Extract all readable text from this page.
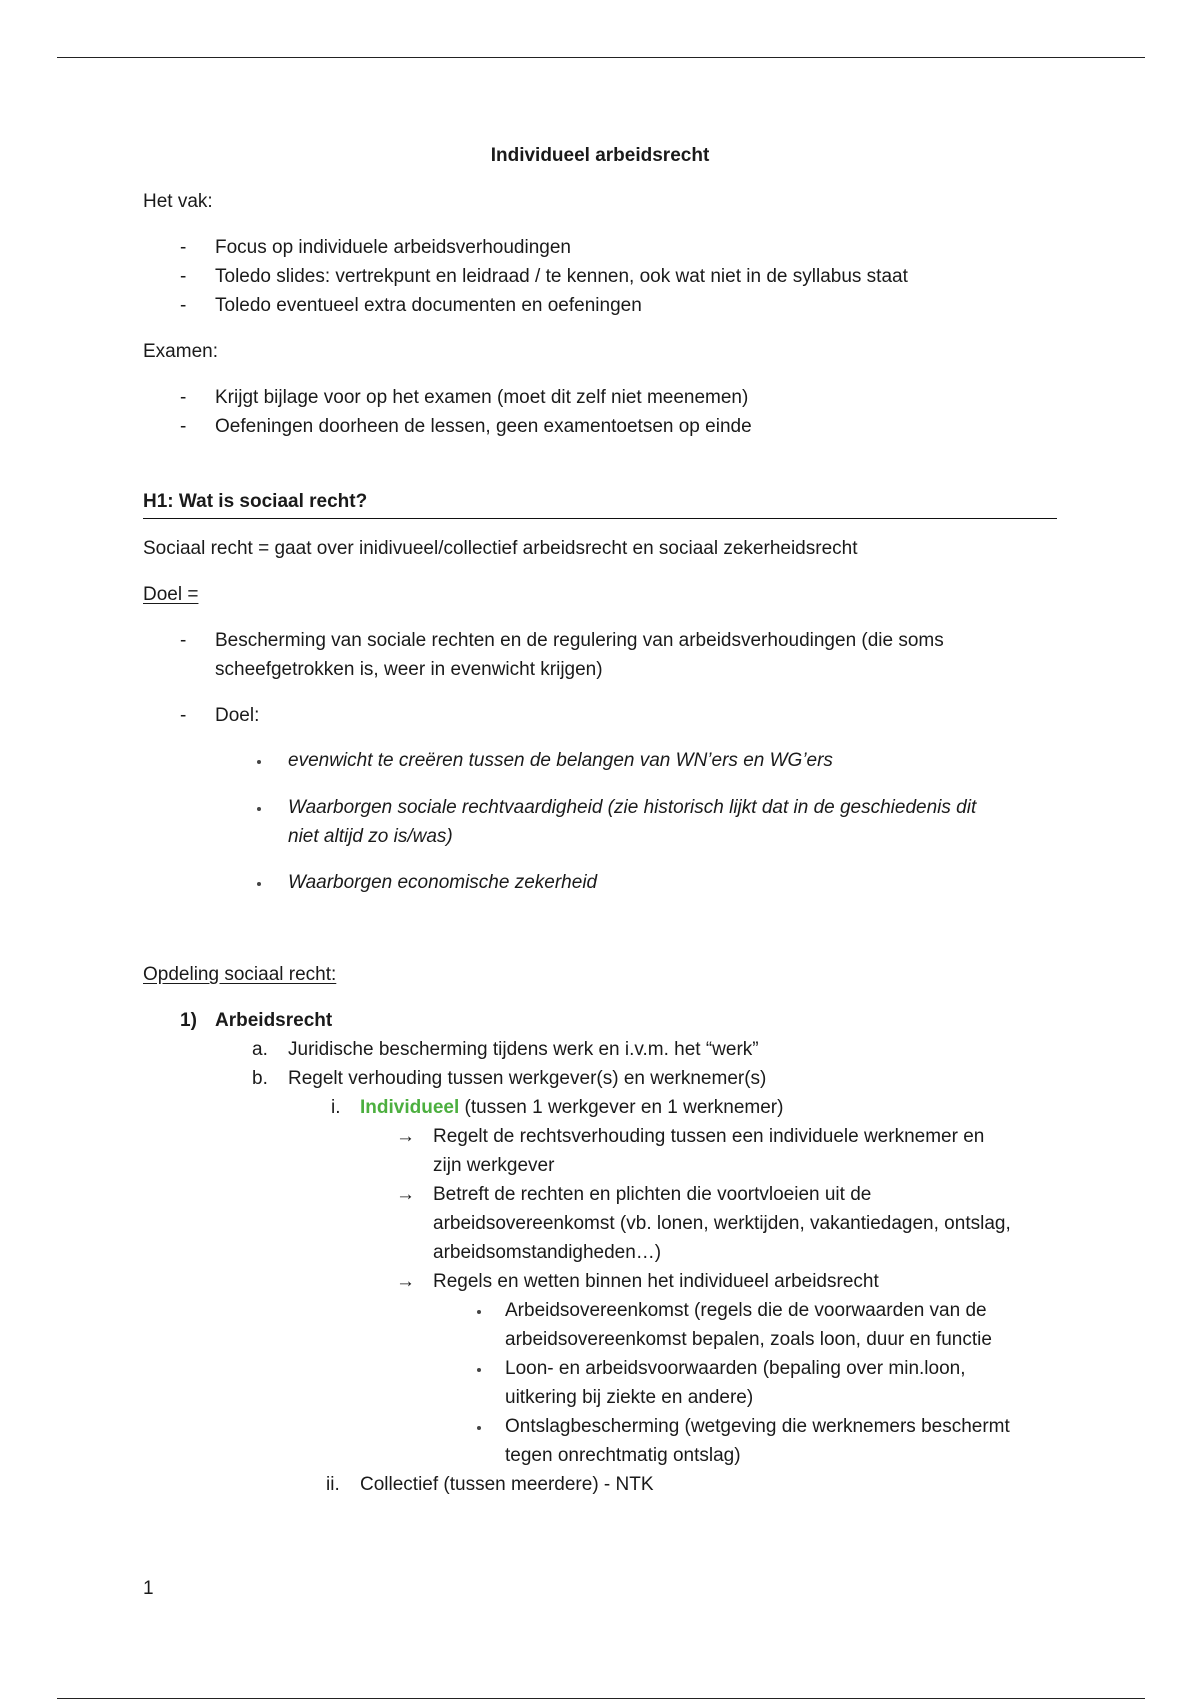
Individueel arbeidsrecht
Het vak:
- Focus op individuele arbeidsverhoudingen
- Toledo slides: vertrekpunt en leidraad / te kennen, ook wat niet in de syllabus staat
- Toledo eventueel extra documenten en oefeningen
Examen:
- Krijgt bijlage voor op het examen (moet dit zelf niet meenemen)
- Oefeningen doorheen de lessen, geen examentoetsen op einde
H1: Wat is sociaal recht?
Sociaal recht = gaat over inidivueel/collectief arbeidsrecht en sociaal zekerheidsrecht
Doel =
- Bescherming van sociale rechten en de regulering van arbeidsverhoudingen (die soms
scheefgetrokken is, weer in evenwicht krijgen)
- Doel:
evenwicht te creëren tussen de belangen van WN’ers en WG’ers
Waarborgen sociale rechtvaardigheid (zie historisch lijkt dat in de geschiedenis dit
niet altijd zo is/was)
Waarborgen economische zekerheid
Opdeling sociaal recht:
1) Arbeidsrecht
a. Juridische bescherming tijdens werk en i.v.m. het “werk”
b. Regelt verhouding tussen werkgever(s) en werknemer(s)
i. Individueel (tussen 1 werkgever en 1 werknemer)
→ Regelt de rechtsverhouding tussen een individuele werknemer en
zijn werkgever
→ Betreft de rechten en plichten die voortvloeien uit de
arbeidsovereenkomst (vb. lonen, werktijden, vakantiedagen, ontslag,
arbeidsomstandigheden…)
→ Regels en wetten binnen het individueel arbeidsrecht
Arbeidsovereenkomst (regels die de voorwaarden van de
arbeidsovereenkomst bepalen, zoals loon, duur en functie
Loon- en arbeidsvoorwaarden (bepaling over min.loon,
uitkering bij ziekte en andere)
Ontslagbescherming (wetgeving die werknemers beschermt
tegen onrechtmatig ontslag)
ii. Collectief (tussen meerdere) - NTK
1
